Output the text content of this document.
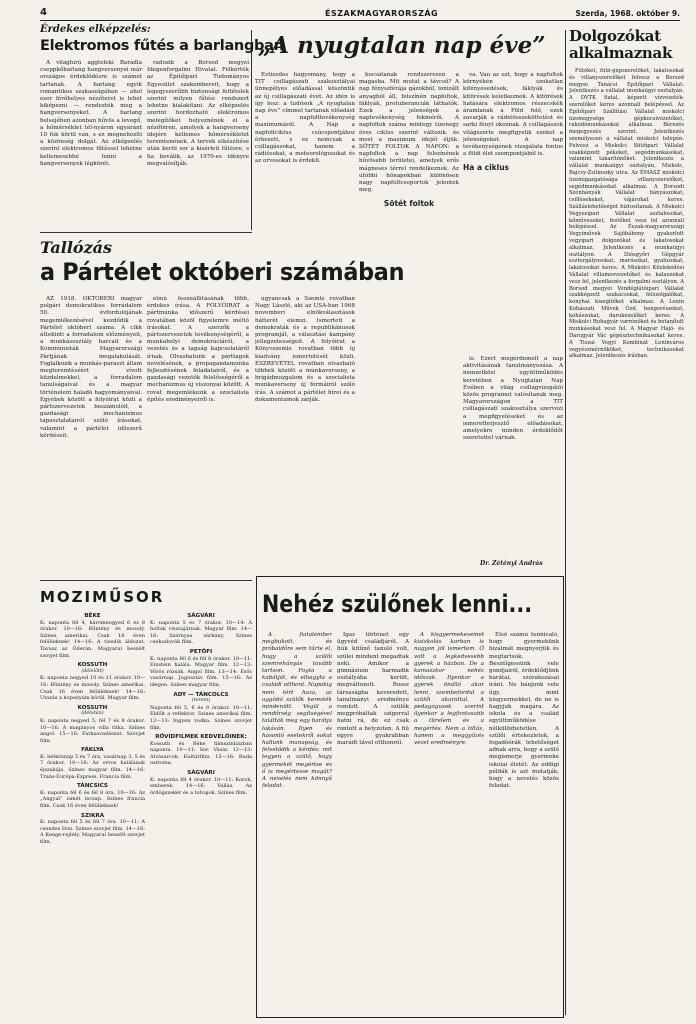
4	ÉSZAKMAGYARORSZÁG	Szerda, 1968. október 9.
Érdekes elképzelés:
Elektromos fűtés a barlangban

A világhírű aggteleki Baradla cseppkőbarlang hangversenyei már országos érdeklődésre is számot tartanak. A barlang egyik romantikus szakaszágában — ahol ezer férőhelyes nézőteret is lehet kiképezni — rendezték meg a hangversenyeket. A barlang belsejében azonban hűvös a levegő, a hőmérséklet tél-nyáron egyaránt 10 fok körül van, s ez megnehezíti a közönség dolgát. Az elképzelés szerint elektromos fűtéssel lehetne kellemesebbé tenni a hangversenyek légkörét.

radozik a Borsod megyei Idegenforgalmi Hivatal. Felkérték az Építőipari Tudományos Egyesület szakembereit, hogy a legegyszerűbb biztonsági feltételek szerint milyen fűtési rendszert lehetne kialakítani. Az elképzelés szerint hordozható elektromos melegítőket helyeznének el a nézőtéren, amelyek a hangverseny idejére kellemes hőmérsékletet teremtenének. A tervek elkészítése után kerül sor a kísérleti fűtésre, s ha beválik, az 1970-es idényre megvalósítják.

Tallózás
a Pártélet októberi számában

AZ 1918. OKTÓBERI magyar polgári demokratikus forradalom 50. évfordulójának megemlékezésével kezdődik a Pártélet októberi száma. A cikk áttekinti a forradalom előzményeit, a munkásosztály harcait és a Kommunisták Magyarországi Pártjának megalakulását. Foglalkozik a munkás-paraszt állam megteremtéséért vívott küzdelmekkel, a forradalom tanulságaival és a magyar történelem haladó hagyományaival. Egyebek között a folyóirat közli a pártszervezetek beszámolóit, a gazdasági mechanizmus tapasztalatairól szóló írásokat, valamint a pártélet időszerű kérdéseit.

elmű összeállításának több, érdekes írása. A FOLYÓIRAT a pártmunka időszerű kérdései rovatában közöl figyelemre méltó írásokat. A szerzők a pártszervezetek tevékenységéről, a munkahelyi demokráciáról, a vezetés és a tagság kapcsolatáról írnak. Olvashatunk a párttagok nevelésének, a propagandamunka fejlesztésének feladatairól, és a gazdasági vezetők felelősségéről a mechanizmus új viszonyai között. A rovat megemlékezik a szocialista építés eredményeiről is.

ugyancsak a Szemle rovatban Nagy László, aki az USA-ban 1968 novemberi elnökválasztások hátterét elemzi. Ismerteti a demokraták és a republikánusok programját, a választási kampány jellegzetességeit. A folyóirat a Könyvszemle rovatban több új kiadvány ismertetését közli. ÉSZREVÉTEL rovatban olvasható többek között a munkaverseny, a brigádmozgalom és a szocialista munkaverseny új formáiról szóló írás. A számot a pártélet hírei és a dokumentumok zárják.

„A nyugtalan nap éve”

Évtizedes hagyomány, hogy a TIT csillagászati szakosztályai ünnepélyes előadással köszöntik az új csillagászati évet. Az idén is így lesz: a tudósok „A nyugtalan nap éve” címmel tartanak előadást a napfolttevékenység maximumáról. A Nap a napfoltciklus csúcspontjához érkezett, s ez nemcsak a csillagászokat, hanem a rádiósokat, a meteorológusokat és az orvosokat is érdekli.

bocsátanak rendszeresen a magasba. Mit mutat a távcső? A nap fényszférája gázokból, ionizált anyagból áll, felszínén napfoltok, fáklyák, protuberanciák láthatók. Ezek a jelenségek a naptevékenység fokmérői. A napfoltok száma mintegy tizenegy éves ciklus szerint változik, és most a maximum idejét éljük. SÖTÉT FOLTOK A NAPON: a napfoltok a nap felszínének hűvösebb területei, amelyek erős mágneses térrel rendelkeznek. Az utóbbi hónapokban különösen nagy napfoltcsoportok jelentek meg.

Sötét foltok

va. Van az ezt, hogy a napfoltok környékén szokatlan kifényesedések, fáklyák és kitörések keletkeznek. A kitörések hatására elektromos részecskék áramlanak a Föld felé, ezek zavarják a rádióösszeköttetést és sarki fényt okoznak. A csillagászok világszerte megfigyelik ezeket a jelenségeket. A nap tevékenységének vizsgálata fontos a földi élet szempontjából is.

Ha a ciklus

is. Ezért megérdemelt a nap aktivitásának tanulmányozása. A nemzetközi együttműködés keretében a Nyugtalan Nap Évében a világ csillagvizsgálói közös programot valósítanak meg. Magyarországon a TIT csillagászati szakosztálya szervezi a megfigyeléseket és az ismeretterjesztő előadásokat, amelyekre minden érdeklődőt szeretettel várnak.

Dr. Zétényi András
Dolgozókat alkalmaznak

Fűtőket, fűtő-gépszerelőket, lakatosokat és villanyszerelőket felvesz a Borsod megyei Tanácsi Építőipari Vállalat. Jelentkezés a vállalat munkaügyi osztályán. A DVTK fiatal, képzett vízvezeték-szerelőket keres azonnali belépéssel. Az Építőipari Szállítási Vállalat miskolci üzemegysége gépkocsivezetőket, rakodómunkásokat alkalmaz. Bérezés megegyezés szerint. Jelentkezés személyesen a vállalat miskolci telepén. Felvesz a Miskolci Sütőipari Vállalat szakképzett pékeket, segédmunkásokat, valamint takarítónőket. Jelentkezés a vállalat munkaügyi osztályán, Miskolc, Bajcsy-Zsilinszky utca. Az ÉMÁSZ miskolci üzemigazgatósága villanyszerelőket, segédmunkásokat alkalmaz. A Borsodi Szénbányák Vállalat bányászokat, csillésekeket, vájárokat keres. Szálláslehetőséget biztosítanak. A Miskolci Vegyesipari Vállalat asztalosokat, kőműveseket, festőket vesz fel azonnali belépéssel. Az Észak-magyarországi Vegyiművek Sajóbábony gyakorlott vegyipari dolgozókat és lakatosokat alkalmaz. Jelentkezés a munkaügyi osztályon. A Diósgyőri Gépgyár esztergályosokat, marósokat, gyalusokat, lakatosokat keres. A Miskolci Közlekedési Vállalat villamosvezetőket és kalauzokat vesz fel, jelentkezés a forgalmi osztályon. A Borsod megyei Vendéglátóipari Vállalat szakképzett szakácsokat, felszolgálókat, konyhai kisegítőket alkalmaz. A Lenin Kohászati Művek Ózd, hengerészeket, kohászokat, darukezelőket keres. A Miskolci Ruhagyár varrónőket és betanított munkásokat vesz fel. A Magyar Hajó- és Darugyár Vác gépésztechnikusokat keres. A Tiszai Vegyi Kombinát Leninváros vegyészmérnököket, technikusokat alkalmaz. Jelentkezés írásban.

MOZIMŰSOR
BÉKE
K: naponta fél 4, háromnegyed 6 és 8 órakor. 10—16: Bűntény és mosoly. Színes amerikai. Csak 16 éven felülieknek! 14—16: A tizedik áldozat. Tavasz az Óderán. Magyarul beszélt szovjet film.
KOSSUTH
(délelőtt)
K: naponta negyed 10 és 11 órakor. 10—16: Bűntény és mosoly. Színes amerikai. Csak 16 éven felülieknek! 14—16: Utazás a koponyám körül. Magyar film.
KOSSUTH
(délután)
K: naponta negyed 5, fél 7 és 8 órakor. 10—16: A magányos villa titka. Színes angol. 15—16: Farkasvadászat. Szovjet film.
FÁKLYA
K: hétköznap 5 és 7 óra, vasárnap 3, 5 és 7 órakor. 10—16: Az orvos halálának éjszakája. Színes magyar film. 14—16: Trans-Európa-Express. Francia film.
TÁNCSICS
K: naponta fél 6 és fél 8 óra. 10—16: Az „Angyal” ismét lecsap. Színes francia film. Csak 16 éven felülieknek!
SZIKRA
K: naponta fél 5 és fél 7 óra. 10—11: A csendes Don. Színes szovjet film. 14—16: A Kenge-rejtély. Magyarul beszélt szovjet film.
SÁGVÁRI
K: naponta 5 és 7 órakor. 10—14: A holtak visszajárnak. Magyar film. 14—16: Szárnyas sárkány. Színes csehszlovák film.
PETŐFI
K: naponta fél 6 és fél 8 órakor. 10—11: Einstein halála. Magyar film. 12—13: Vörös rózsák. Angol film. 13—14: Esős vasárnap. Jugoszláv film. 15—16: Az idegen. Színes magyar film.
ADY — TÁNCOLCS
(terem)
Naponta fél 5, 6 és 8 órakor. 10—11: Eldőlt a reflektor. Színes amerikai film. 12—13: Ingyen vodka. Színes szovjet film.
RÖVIDFILMEK KEDVELŐINEK:
Kossuth és Béke filmszínházban naponta. 10—11: Sor. Vásár. 12—13: Alvásarcok. Kultúrfilm. 15—16: Buda ostroma.
SÁGVÁRI
K: naponta fél 4 órakor. 10—11: Korok, emberek. 14—16: Vallás, Az ördögszekér és a tolvajok. Színes film.
Nehéz szülőnek lenni...

A fiatalember megbukott, és próbaidőre sem tűrte el, hogy a szülői szemrehányás tovább tartson. Fogta a kabátját, és elhagyta a családi otthont. Napokig nem tért haza, az aggódó szülők keresték mindenütt. Végül a rendőrség segítségével találták meg egy barátja lakásán. Ilyen és hasonló esetekről sokat hallunk manapság, és felvetődik a kérdés: mit tegyen a szülő, hogy gyermekét megértse és ő is megértesse magát? A nevelés nem könnyű feladat.

Igaz történet egy ügyvéd családjáról. A fiúk kitűnő tanuló volt, szülei mindent megadtak neki. Amikor a gimnázium harmadik osztályába került, megváltozott. Rossz társaságba keveredett, tanulmányi eredménye romlott. A szülők megpróbáltak szigorral hatni rá, de ez csak rontott a helyzeten. A fiú egyre gyakrabban maradt távol otthonról.

A kisgyermekesemet kisiskolás korban is nagyon jól ismertem. Ő volt a legkedvesebb gyerek a házban. De a kamaszkor nehéz időszak. Ilyenkor a gyerek önálló akar lenni, szembefordul a szülői akarattal. A pedagógusok szerint ilyenkor a legfontosabb a türelem és a megértés. Nem a tiltás, hanem a meggyőzés vezet eredményre.

Első számú tennivaló, hogy gyermekünk bizalmát megnyerjük és megtartsuk. Beszélgessünk vele gondjairól, érdeklődjünk barátai, szórakozásai iránt. Ne bánjunk vele úgy, mint kisgyermekkel, de ne is hagyjuk magára. Az iskola és a család együttműködése nélkülözhetetlen. A szülői értekezletek, a fogadóórák lehetőséget adnak arra, hogy a szülő megismerje gyermeke iskolai életét. Az eddigi példák is azt mutatják, hogy a nevelés közös feladat.
